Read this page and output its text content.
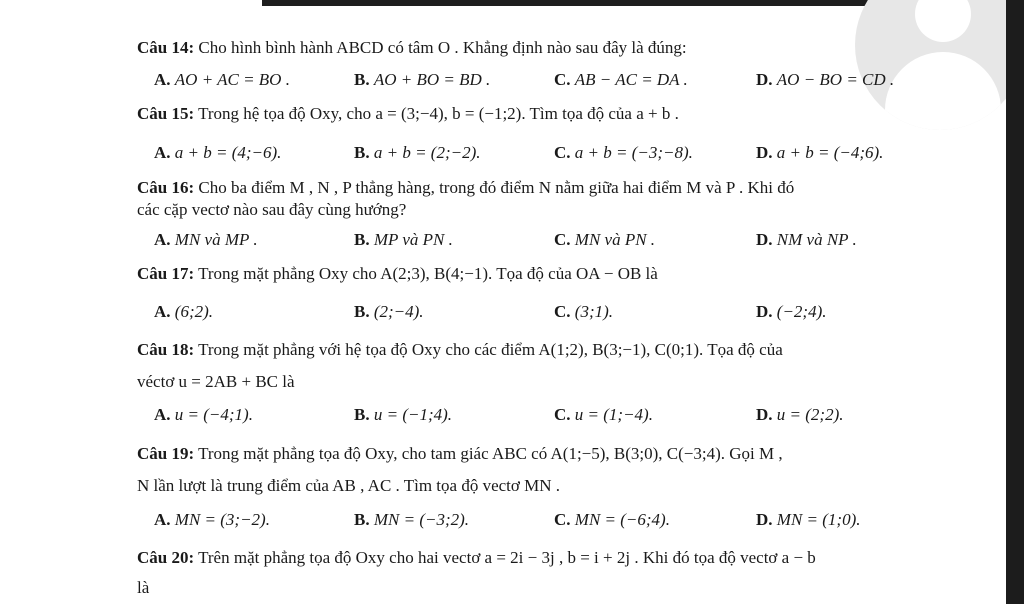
Câu 14: Cho hình bình hành ABCD có tâm O . Khẳng định nào sau đây là đúng:
A. AO + AC = BO .	B. AO + BO = BD .	C. AB − AC = DA .	D. AO − BO = CD .
Câu 15: Trong hệ tọa độ Oxy, cho a = (3;−4), b = (−1;2). Tìm tọa độ của a + b .
A. a + b = (4;−6).	B. a + b = (2;−2).	C. a + b = (−3;−8).	D. a + b = (−4;6).
Câu 16: Cho ba điểm M , N , P thẳng hàng, trong đó điểm N nằm giữa hai điểm M và P . Khi đó
các cặp vectơ nào sau đây cùng hướng?
A. MN và MP .	B. MP và PN .	C. MN và PN .	D. NM và NP .
Câu 17: Trong mặt phẳng Oxy cho A(2;3), B(4;−1). Tọa độ của OA − OB là
A. (6;2).	B. (2;−4).	C. (3;1).	D. (−2;4).
Câu 18: Trong mặt phẳng với hệ tọa độ Oxy cho các điểm A(1;2), B(3;−1), C(0;1). Tọa độ của
véctơ u = 2AB + BC là
A. u = (−4;1).	B. u = (−1;4).	C. u = (1;−4).	D. u = (2;2).
Câu 19: Trong mặt phẳng tọa độ Oxy, cho tam giác ABC có A(1;−5), B(3;0), C(−3;4). Gọi M ,
N lần lượt là trung điểm của AB , AC . Tìm tọa độ vectơ MN .
A. MN = (3;−2).	B. MN = (−3;2).	C. MN = (−6;4).	D. MN = (1;0).
Câu 20: Trên mặt phẳng tọa độ Oxy cho hai vectơ a = 2i − 3j , b = i + 2j . Khi đó tọa độ vectơ a − b
là
